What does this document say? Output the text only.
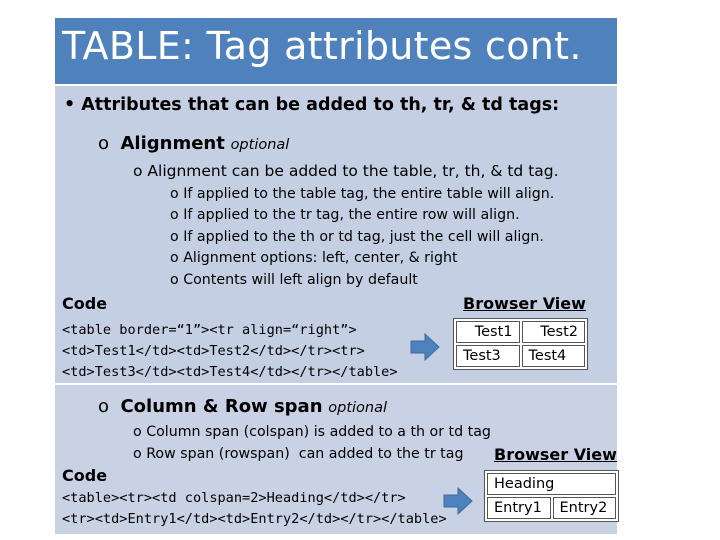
TABLE: Tag attributes cont.
• Attributes that can be added to th, tr, & td tags:
o Alignment optional
o Alignment can be added to the table, tr, th, & td tag.
o If applied to the table tag, the entire table will align.
o If applied to the tr tag, the entire row will align.
o If applied to the th or td tag, just the cell will align.
o Alignment options: left, center, & right
o Contents will left align by default
Code	Browser View
<table border=“1”><tr align=“right”>
<td>Test1</td><td>Test2</td></tr><tr>
<td>Test3</td><td>Test4</td></tr></table>
Test1	Test2
Test3	Test4
o Column & Row span optional
o Column span (colspan) is added to a th or td tag
o Row span (rowspan)  can added to the tr tag
Code
Browser View
<table><tr><td colspan=2>Heading</td></tr>
<tr><td>Entry1</td><td>Entry2</td></tr></table>
Heading
Entry1	Entry2
